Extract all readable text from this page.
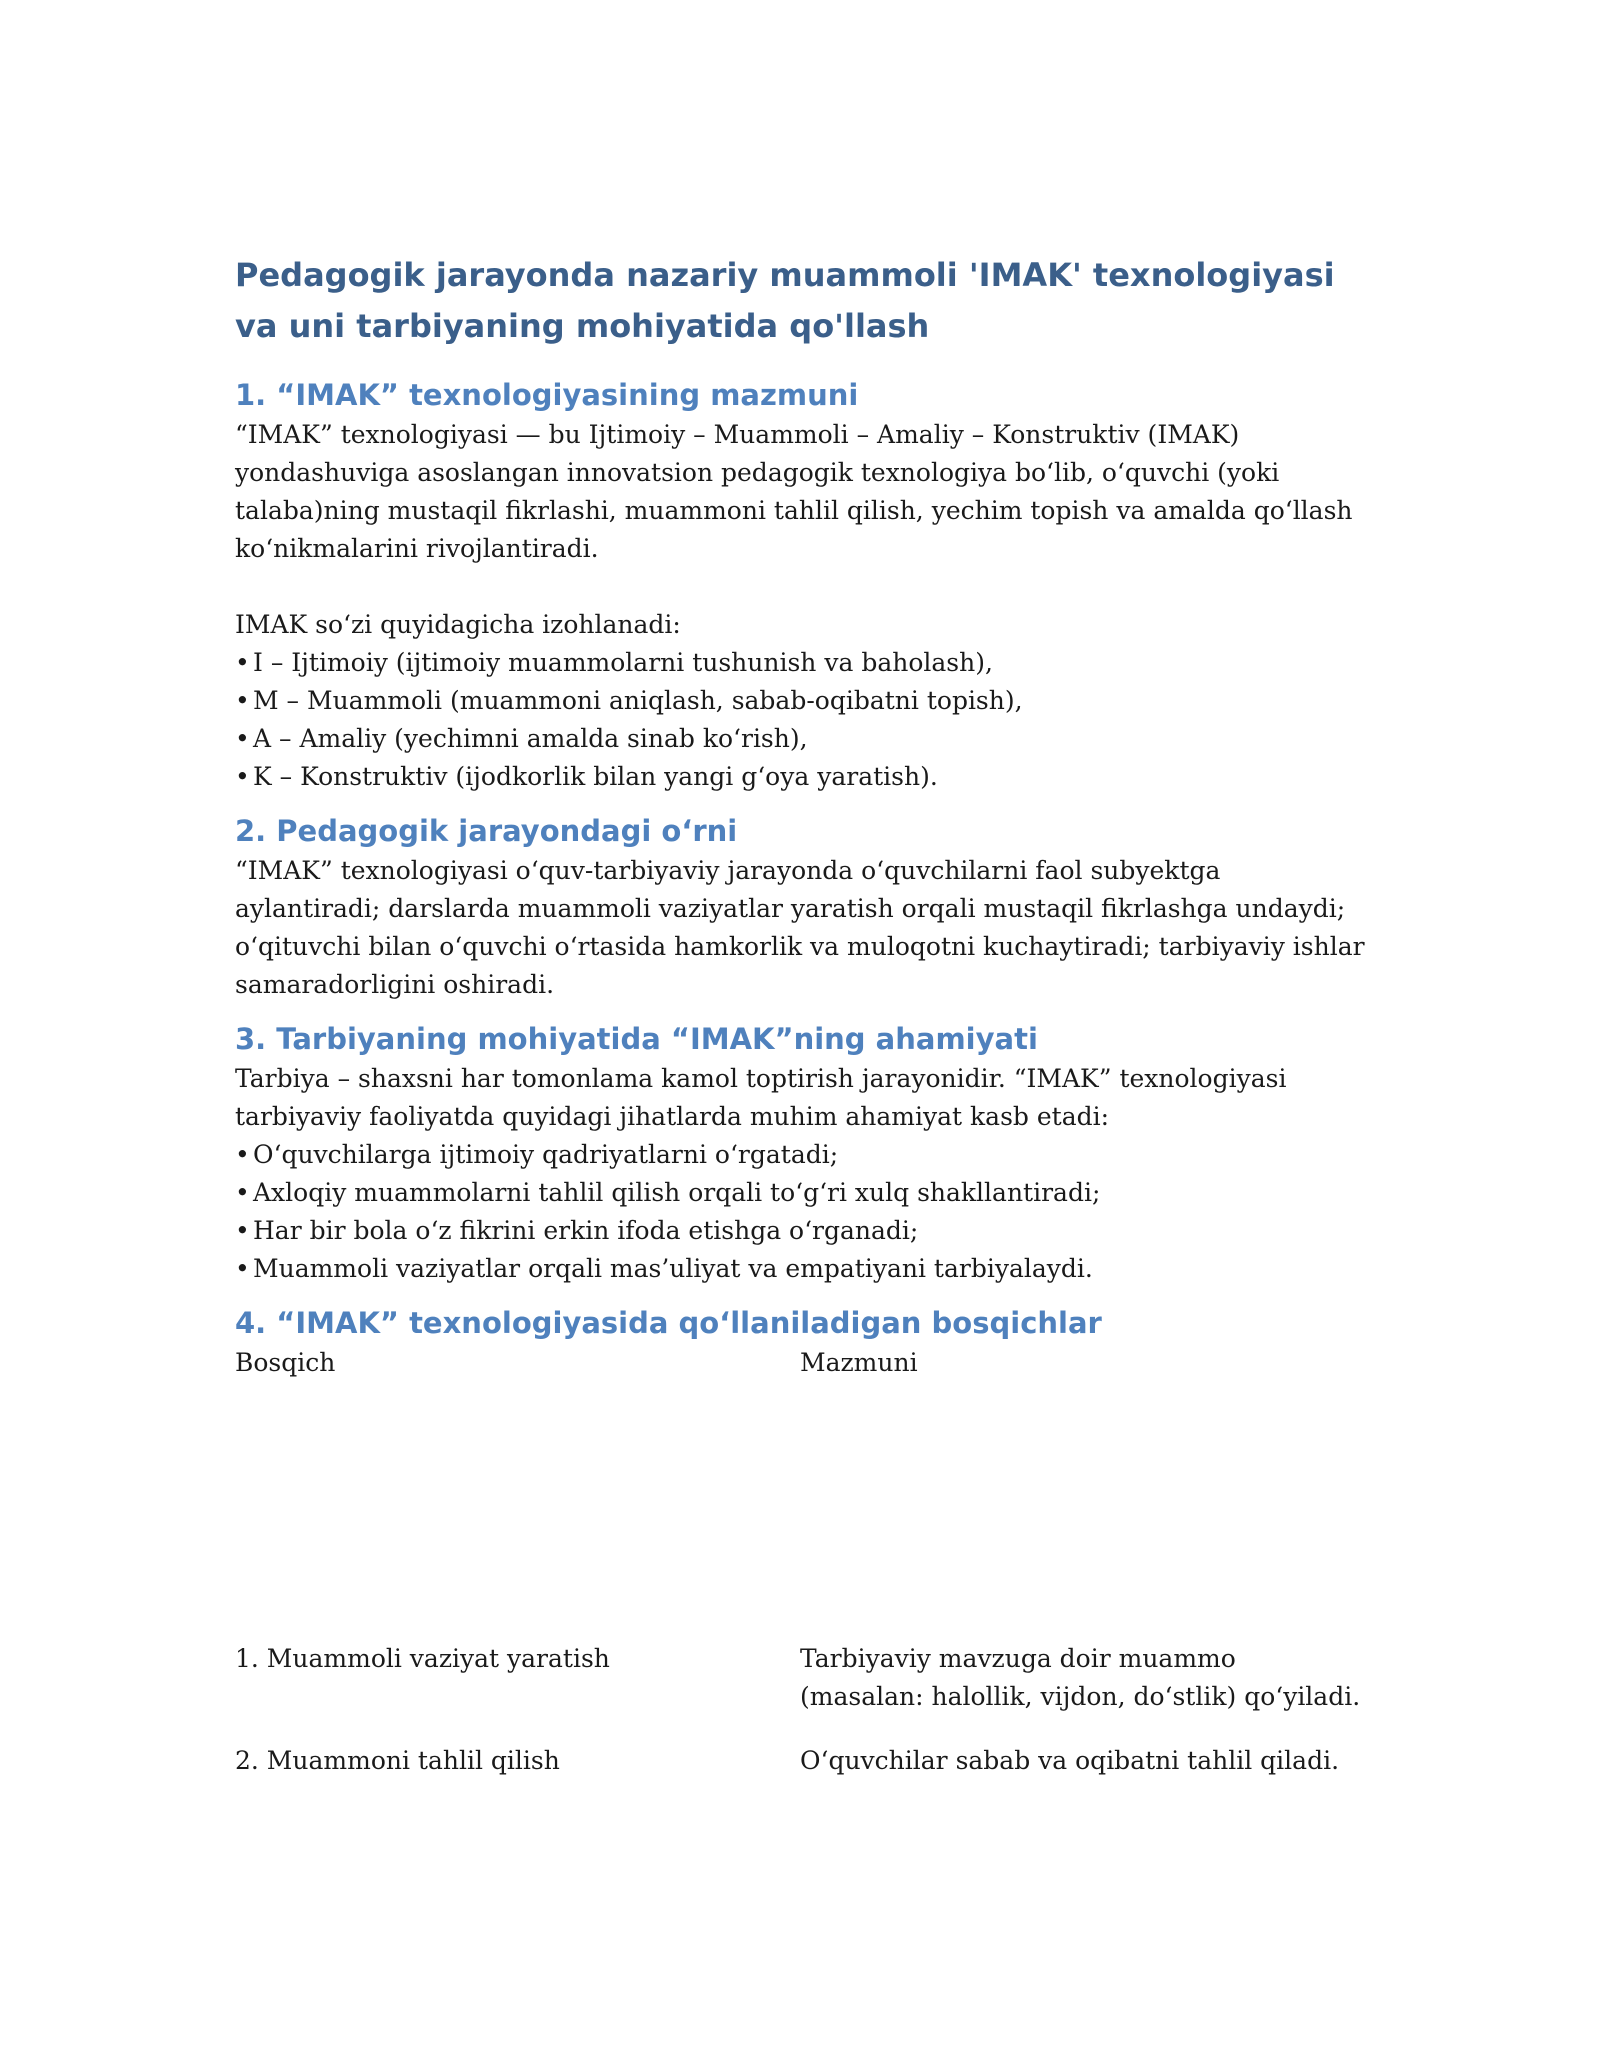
Pedagogik jarayonda nazariy muammoli 'IMAK' texnologiyasi va uni tarbiyaning mohiyatida qo'llash
1. “IMAK” texnologiyasining mazmuni

“IMAK” texnologiyasi — bu Ijtimoiy – Muammoli – Amaliy – Konstruktiv (IMAK) yondashuviga asoslangan innovatsion pedagogik texnologiya bo‘lib, o‘quvchi (yoki talaba)ning mustaqil fikrlashi, muammoni tahlil qilish, yechim topish va amalda qo‘llash ko‘nikmalarini rivojlantiradi.

IMAK so‘zi quyidagicha izohlanadi:

• I – Ijtimoiy (ijtimoiy muammolarni tushunish va baholash),
• M – Muammoli (muammoni aniqlash, sabab-oqibatni topish),
• A – Amaliy (yechimni amalda sinab ko‘rish),
• K – Konstruktiv (ijodkorlik bilan yangi g‘oya yaratish).
2. Pedagogik jarayondagi o‘rni

“IMAK” texnologiyasi o‘quv-tarbiyaviy jarayonda o‘quvchilarni faol subyektga aylantiradi; darslarda muammoli vaziyatlar yaratish orqali mustaqil fikrlashga undaydi; o‘qituvchi bilan o‘quvchi o‘rtasida hamkorlik va muloqotni kuchaytiradi; tarbiyaviy ishlar samaradorligini oshiradi.

3. Tarbiyaning mohiyatida “IMAK”ning ahamiyati

Tarbiya – shaxsni har tomonlama kamol toptirish jarayonidir. “IMAK” texnologiyasi tarbiyaviy faoliyatda quyidagi jihatlarda muhim ahamiyat kasb etadi:

• O‘quvchilarga ijtimoiy qadriyatlarni o‘rgatadi;
• Axloqiy muammolarni tahlil qilish orqali to‘g‘ri xulq shakllantiradi;
• Har bir bola o‘z fikrini erkin ifoda etishga o‘rganadi;
• Muammoli vaziyatlar orqali mas’uliyat va empatiyani tarbiyalaydi.
4. “IMAK” texnologiyasida qo‘llaniladigan bosqichlar
Bosqich	Mazmuni

1. Muammoli vaziyat yaratish	Tarbiyaviy mavzuga doir muammo (masalan: halollik, vijdon, do‘stlik) qo‘yiladi.

2. Muammoni tahlil qilish	O‘quvchilar sabab va oqibatni tahlil qiladi.
